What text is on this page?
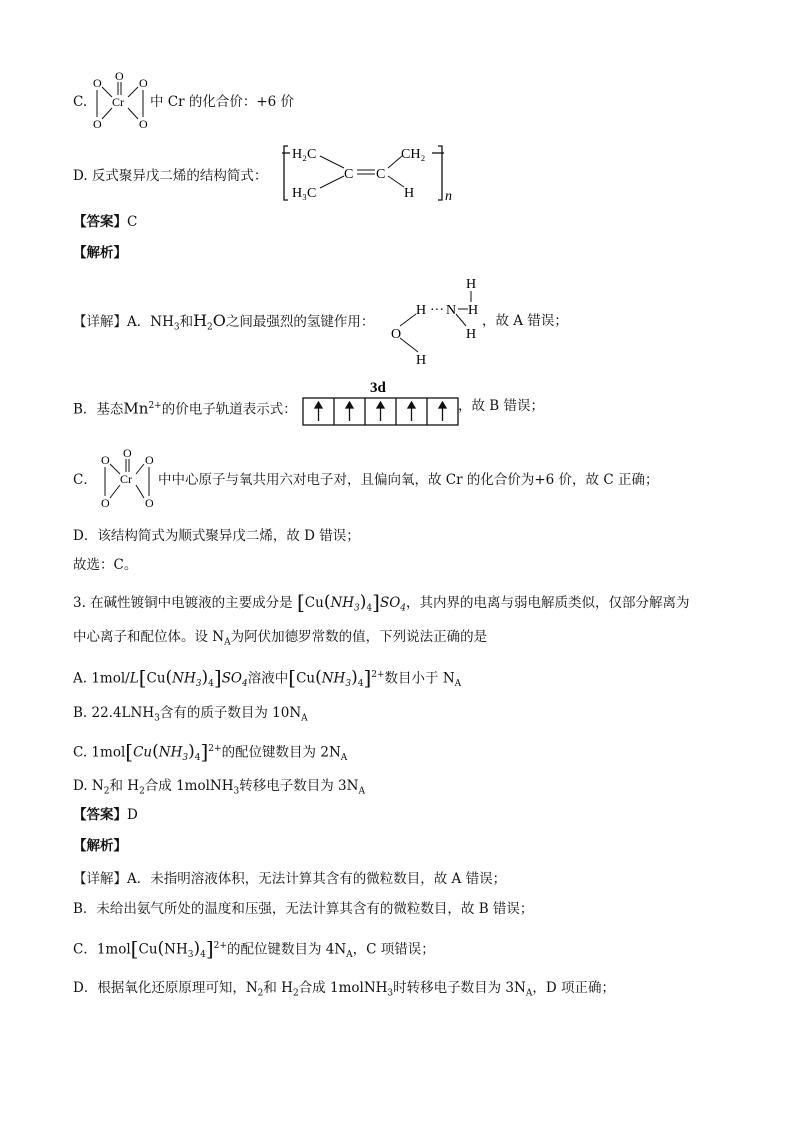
C.
O O O
Cr
O	O
中 Cr 的化合价：+6 价
D. 反式聚异戊二烯的结构简式：
H₂C
H₃C
CH₂
H
C C
n
【答案】C
【解析】
【详解】A．$NH_3$和$H_2O$之间最强烈的氢键作用：
H
H ··· N H
H
O
H
，故 A 错误；
B．基态$Mn^{2+}$的价电子轨道表示式：
3d
，故 B 错误；
C．
O O O
Cr
O	O
中中心原子与氧共用六对电子对，且偏向氧，故 Cr 的化合价为+6 价，故 C 正确；
D．该结构简式为顺式聚异戊二烯，故 D 错误；
故选：C。
3. 在碱性镀铜中电镀液的主要成分是 $[Cu(NH_3)_4]SO_4$，其内界的电离与弱电解质类似，仅部分解离为
中心离子和配位体。设 $N_A$为阿伏加德罗常数的值，下列说法正确的是
A. $1mol/L[Cu(NH_3)_4]SO_4$溶液中$[Cu(NH_3)_4]^{2+}$数目小于 $N_A$
B. $22.4LNH_3$含有的质子数目为 $10N_A$
C. $1mol[Cu(NH_3)_4]^{2+}$的配位键数目为 $2N_A$
D. $N_2$和 $H_2$合成 1molNH$_3$转移电子数目为 $3N_A$
【答案】D
【解析】
【详解】A．未指明溶液体积，无法计算其含有的微粒数目，故 A 错误；
B．未给出氨气所处的温度和压强，无法计算其含有的微粒数目，故 B 错误；
C．$1mol[Cu(NH_3)_4]^{2+}$的配位键数目为 $4N_A$，C 项错误；
D．根据氧化还原原理可知，$N_2$和 $H_2$合成 1molNH$_3$时转移电子数目为 $3N_A$，D 项正确；
